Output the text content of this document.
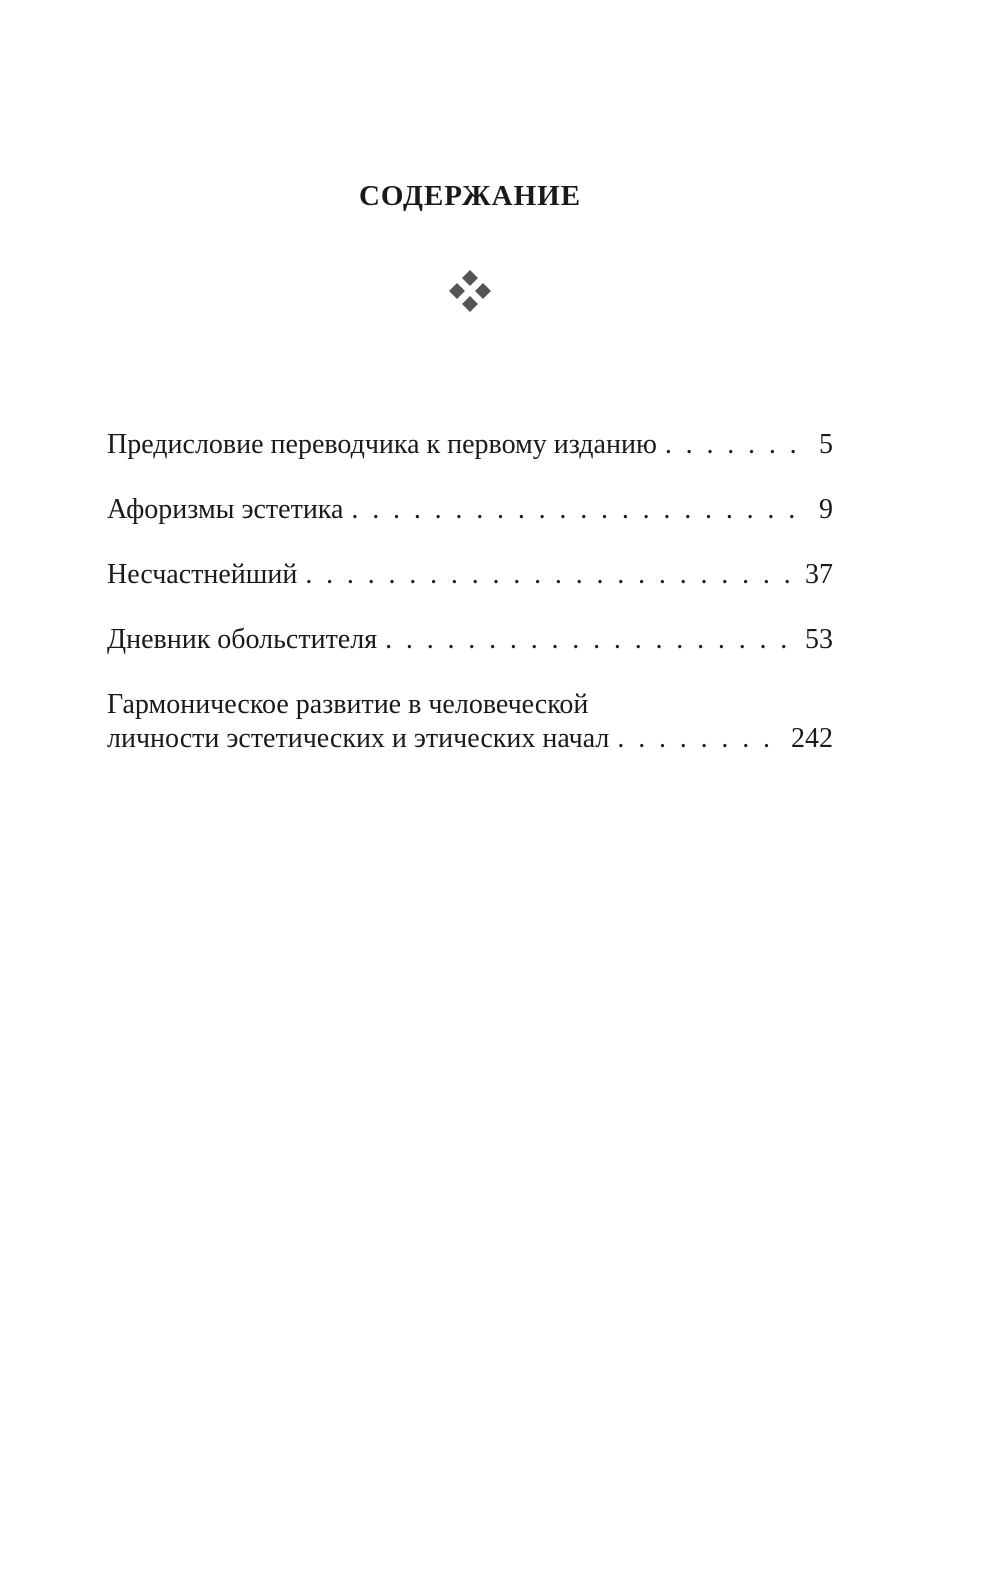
СОДЕРЖАНИЕ
Предисловие переводчика к первому изданию . . .	5
Афоризмы эстетика . . .	9
Несчастнейший . . .	37
Дневник обольстителя . . .	53
Гармоническое развитие в человеческой
личности эстетических и этических начал . . .	242
